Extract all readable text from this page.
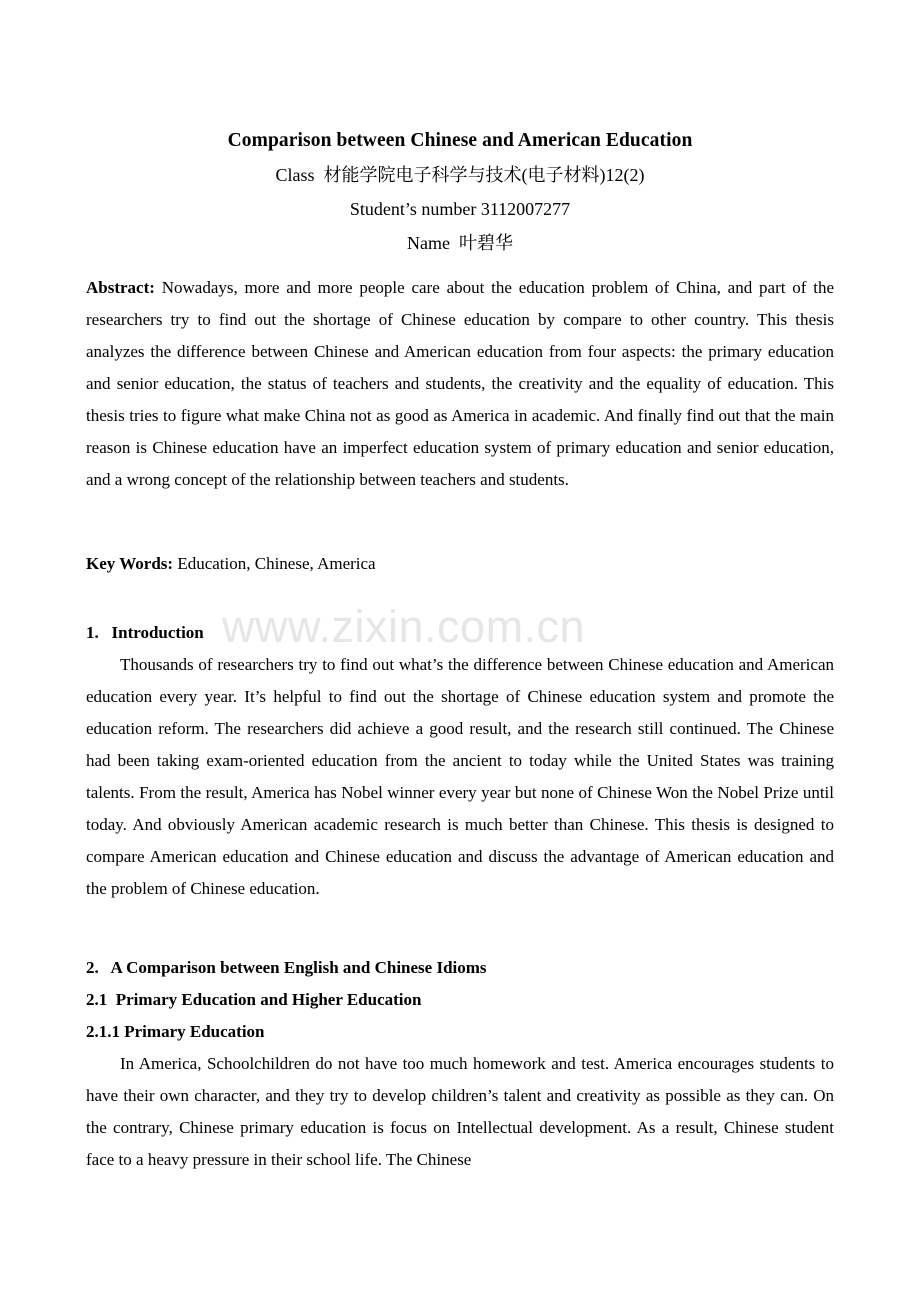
www.zixin.com.cn
Comparison between Chinese and American Education
Class  材能学院电子科学与技术(电子材料)12(2)
Student’s number 3112007277
Name  叶碧华

Abstract: Nowadays, more and more people care about the education problem of China, and part of the researchers try to find out the shortage of Chinese education by compare to other country. This thesis analyzes the difference between Chinese and American education from four aspects: the primary education and senior education, the status of teachers and students, the creativity and the equality of education. This thesis tries to figure what make China not as good as America in academic. And finally find out that the main reason is Chinese education have an imperfect education system of primary education and senior education, and a wrong concept of the relationship between teachers and students.

Key Words: Education, Chinese, America

1.   Introduction

Thousands of researchers try to find out what’s the difference between Chinese education and American education every year. It’s helpful to find out the shortage of Chinese education system and promote the education reform. The researchers did achieve a good result, and the research still continued. The Chinese had been taking exam-oriented education from the ancient to today while the United States was training talents. From the result, America has Nobel winner every year but none of Chinese Won the Nobel Prize until today. And obviously American academic research is much better than Chinese. This thesis is designed to compare American education and Chinese education and discuss the advantage of American education and the problem of Chinese education.

2.   A Comparison between English and Chinese Idioms
2.1  Primary Education and Higher Education
2.1.1 Primary Education

In America, Schoolchildren do not have too much homework and test. America encourages students to have their own character, and they try to develop children’s talent and creativity as possible as they can. On the contrary, Chinese primary education is focus on Intellectual development. As a result, Chinese student face to a heavy pressure in their school life. The Chinese
